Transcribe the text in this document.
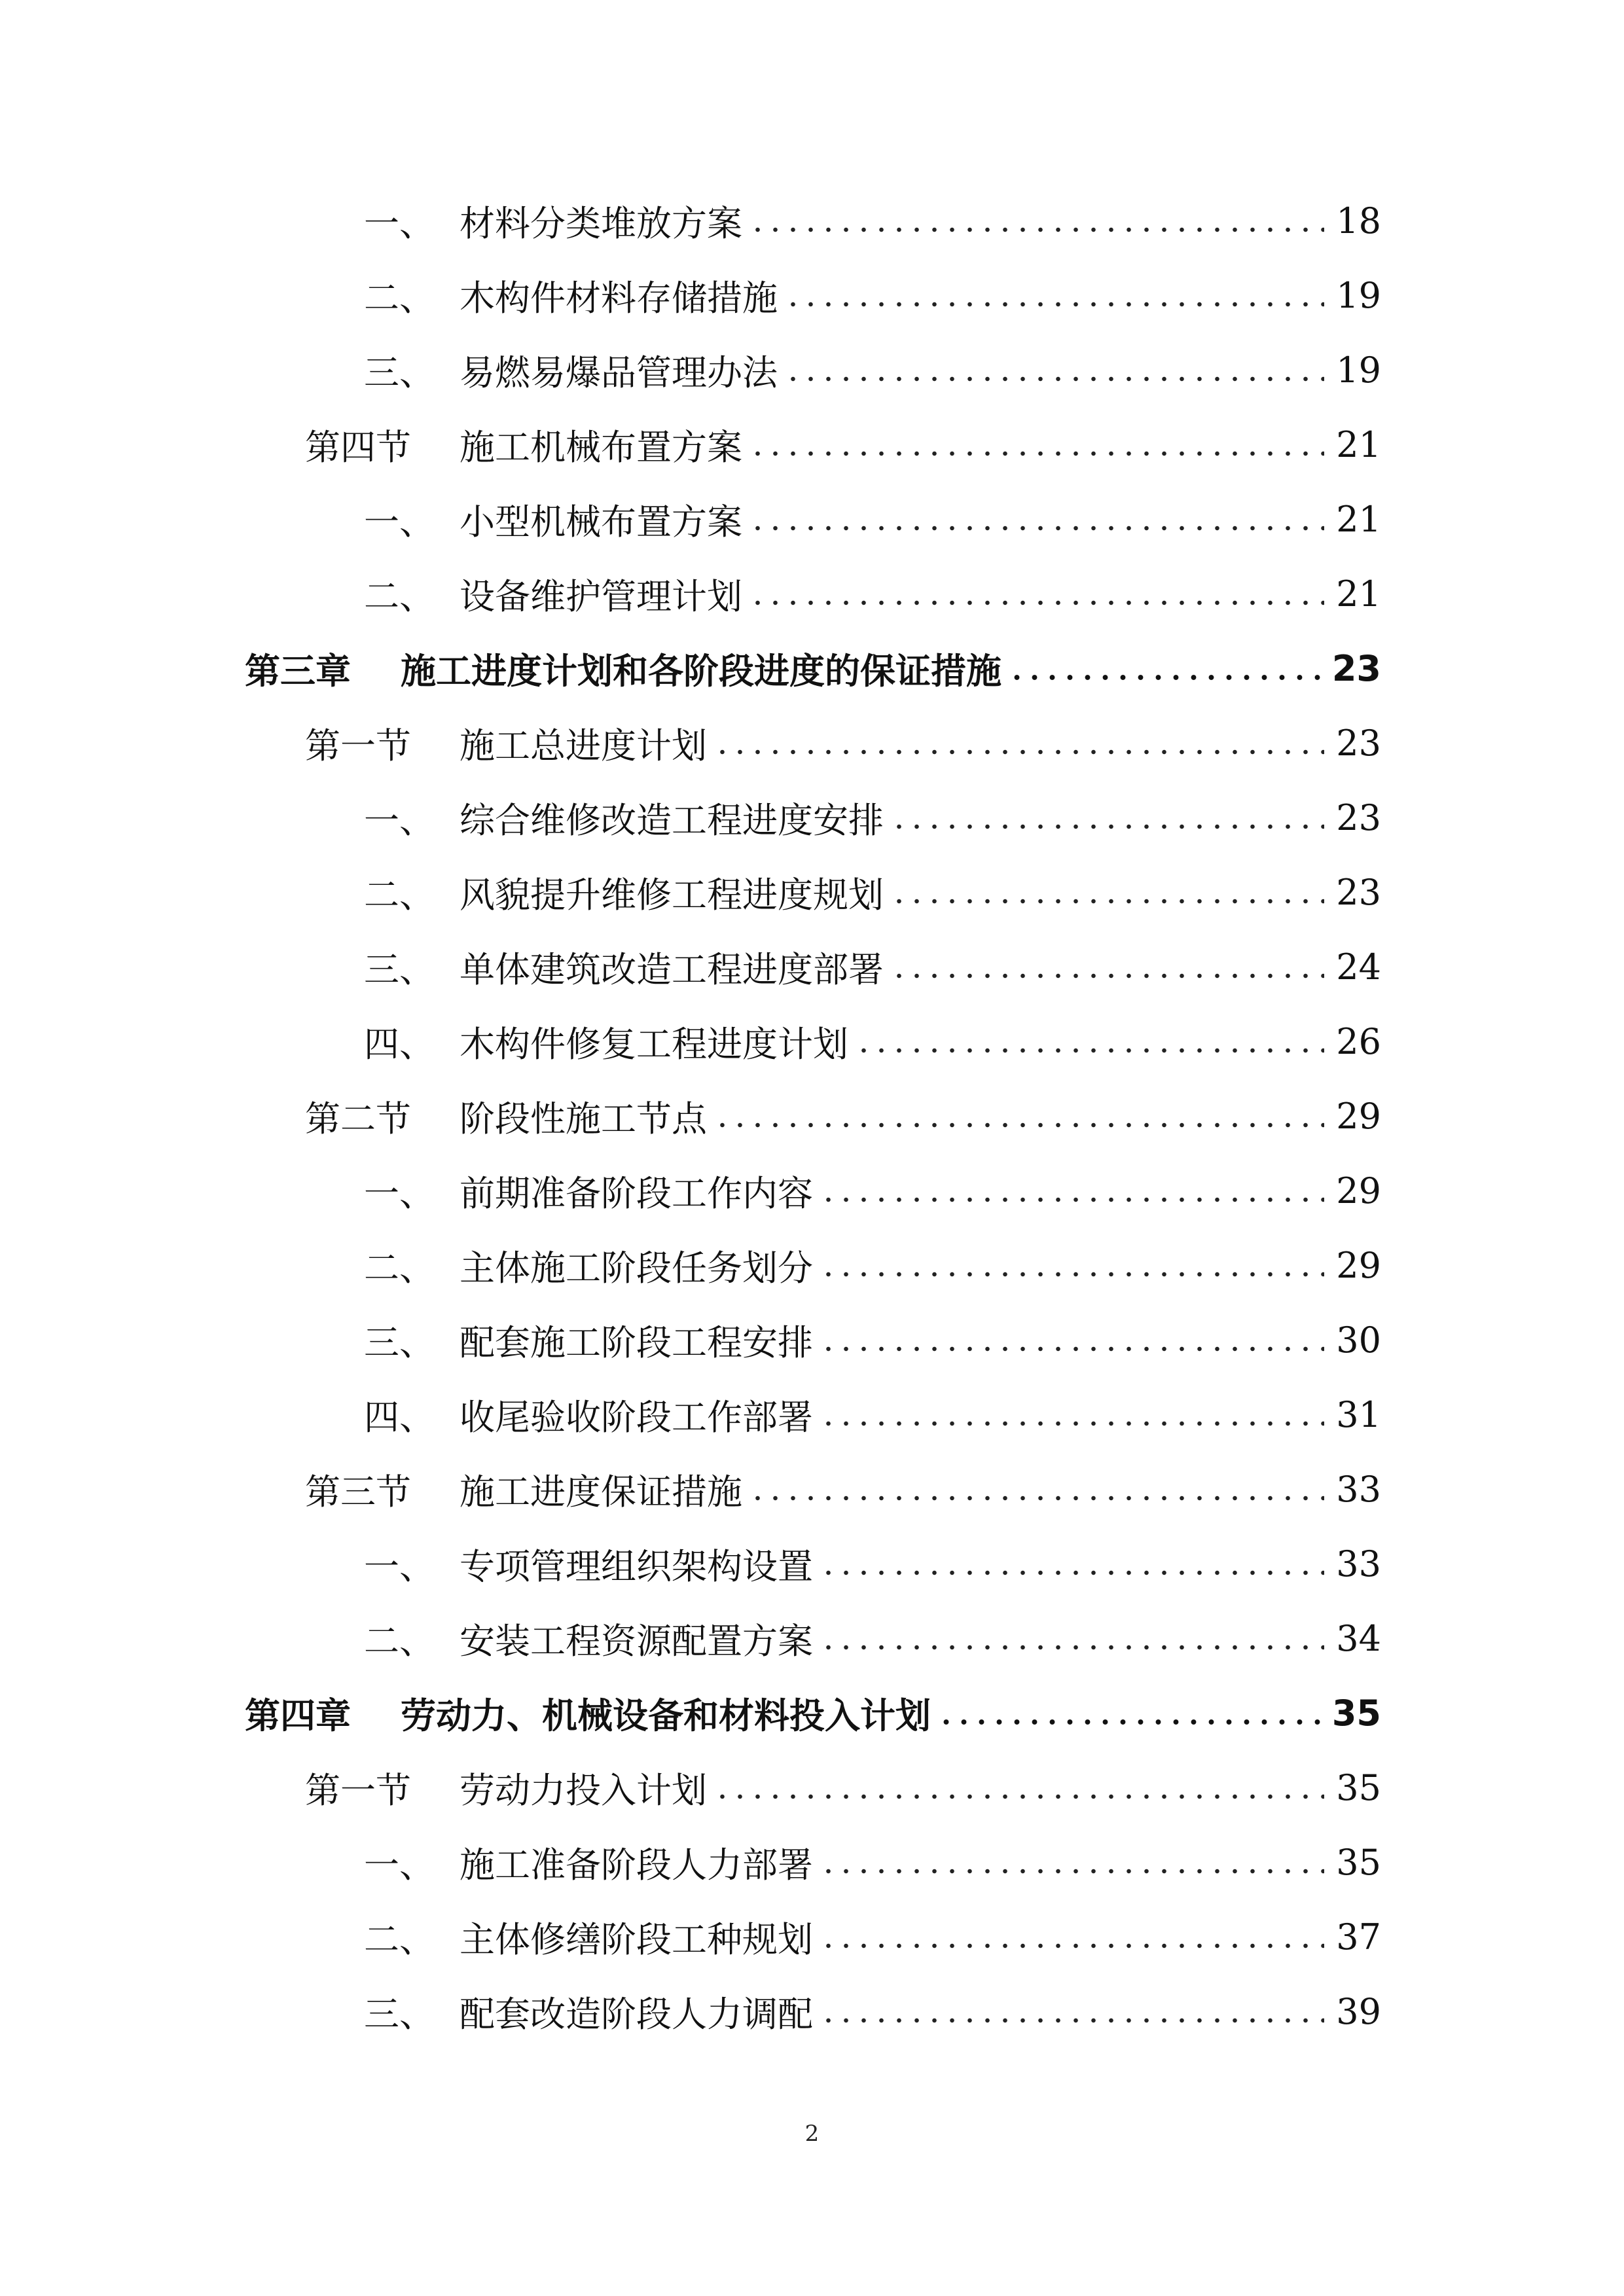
一、 材料分类堆放方案	18
二、 木构件材料存储措施	19
三、 易燃易爆品管理办法	19
第四节	施工机械布置方案	21
一、 小型机械布置方案	21
二、 设备维护管理计划	21
第三章	施工进度计划和各阶段进度的保证措施	23
第一节	施工总进度计划	23
一、 综合维修改造工程进度安排	23
二、 风貌提升维修工程进度规划	23
三、 单体建筑改造工程进度部署	24
四、 木构件修复工程进度计划	26
第二节	阶段性施工节点	29
一、 前期准备阶段工作内容	29
二、 主体施工阶段任务划分	29
三、 配套施工阶段工程安排	30
四、 收尾验收阶段工作部署	31
第三节	施工进度保证措施	33
一、 专项管理组织架构设置	33
二、 安装工程资源配置方案	34
第四章	劳动力、机械设备和材料投入计划	35
第一节	劳动力投入计划	35
一、 施工准备阶段人力部署	35
二、 主体修缮阶段工种规划	37
三、 配套改造阶段人力调配	39
2
